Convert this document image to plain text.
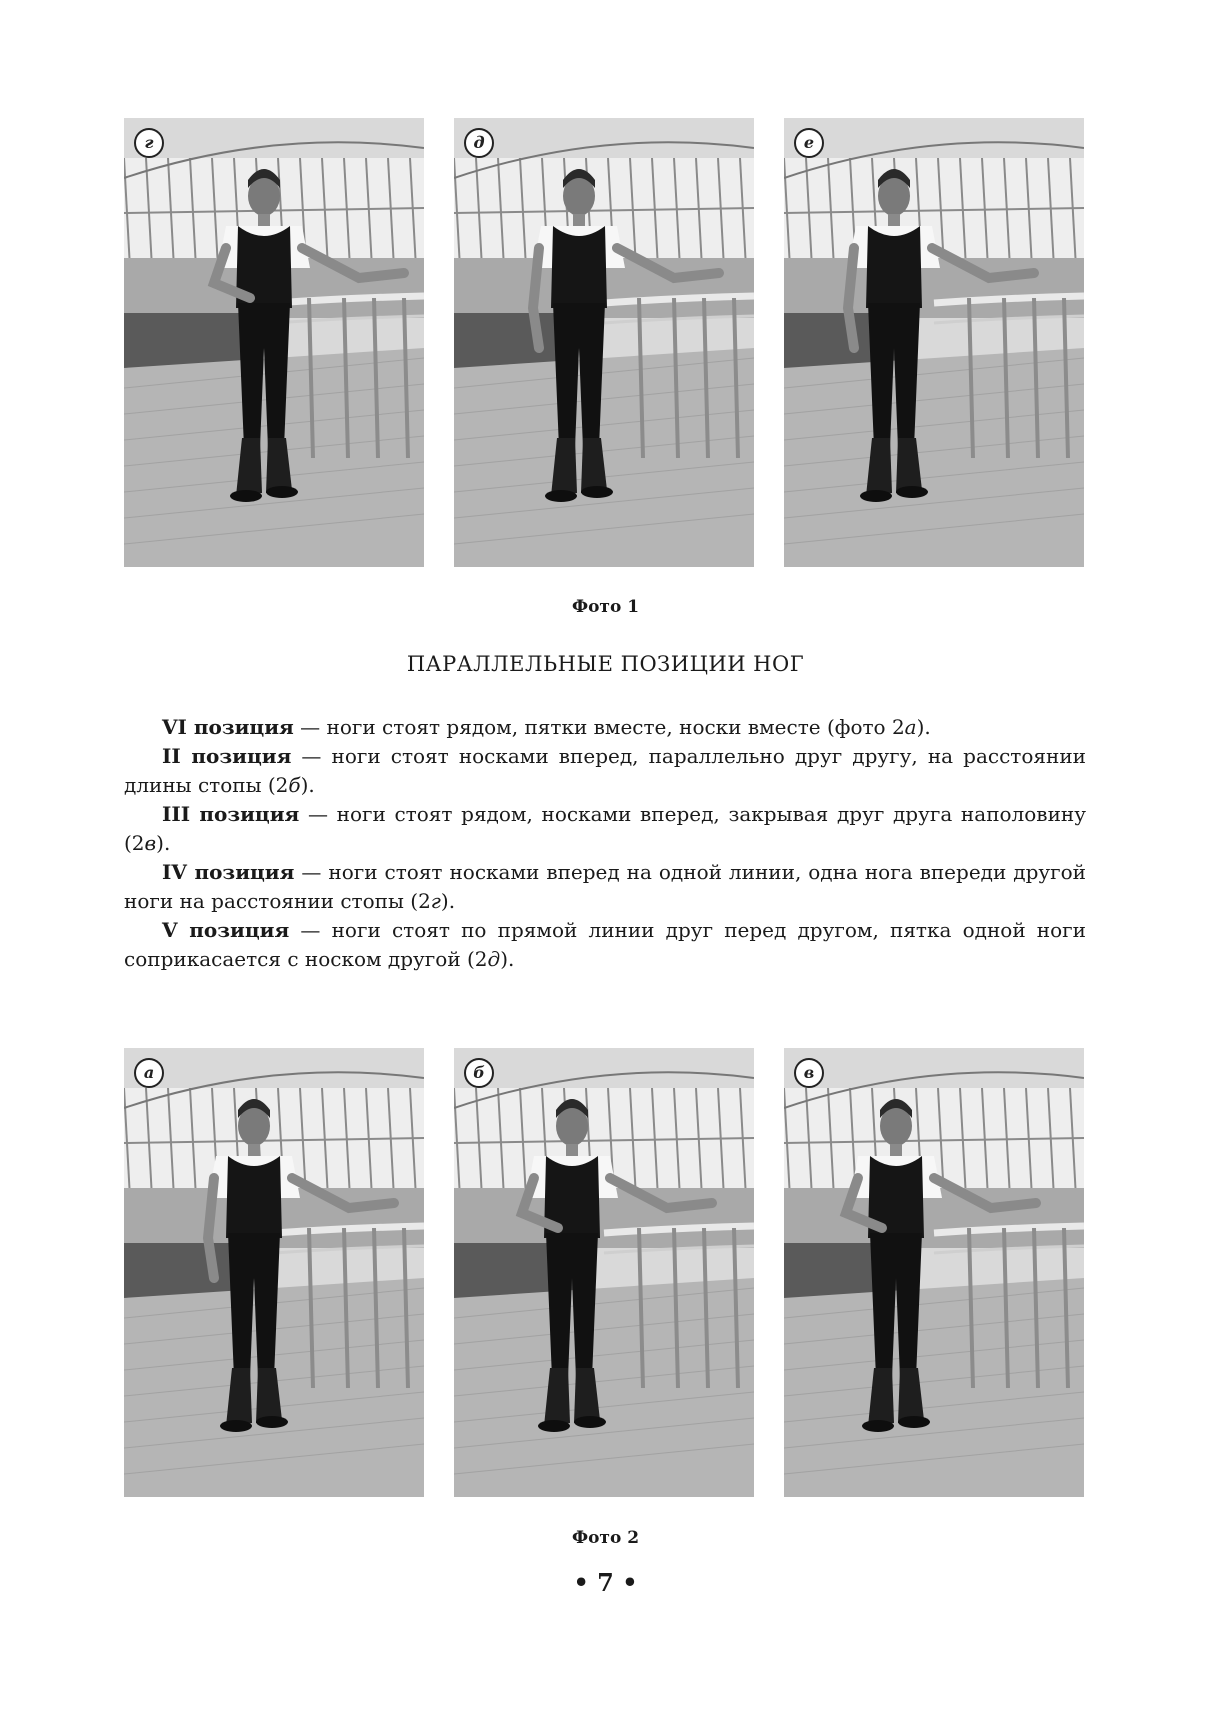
г	д	е
Фото 1
ПАРАЛЛЕЛЬНЫЕ ПОЗИЦИИ НОГ

VI позиция — ноги стоят рядом, пятки вместе, носки вместе (фото 2а).

II позиция — ноги стоят носками вперед, параллельно друг другу, на расстоянии длины стопы (2б).

III позиция — ноги стоят рядом, носками вперед, закрывая друг друга наполовину (2в).

IV позиция — ноги стоят носками вперед на одной линии, одна нога впереди другой ноги на расстоянии стопы (2г).

V позиция — ноги стоят по прямой линии друг перед другом, пятка одной ноги соприкасается с носком другой (2д).

а	б	в
Фото 2
• 7 •
